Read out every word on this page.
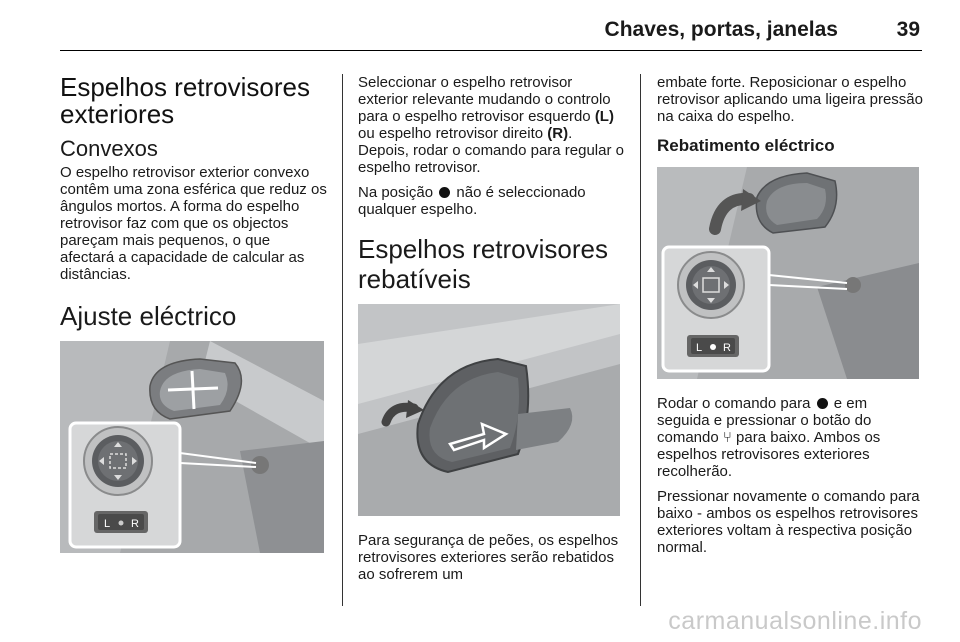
Chaves, portas, janelas	39
Espelhos retrovisores exteriores
Convexos

O espelho retrovisor exterior convexo contêm uma zona esférica que reduz os ângulos mortos. A forma do espelho retrovisor faz com que os objectos pareçam mais pequenos, o que afectará a capacidade de calcular as distâncias.

Ajuste eléctrico
L R

Seleccionar o espelho retrovisor exterior relevante mudando o controlo para o espelho retrovisor esquerdo (L) ou espelho retrovisor direito (R). Depois, rodar o comando para regular o espelho retrovisor.

Na posição  não é seleccionado qualquer espelho.

Espelhos retrovisores rebatíveis

Para segurança de peões, os espelhos retrovisores exteriores serão rebatidos ao sofrerem um

embate forte. Reposicionar o espelho retrovisor aplicando uma ligeira pressão na caixa do espelho.

Rebatimento eléctrico
L R

Rodar o comando para  e em seguida e pressionar o botão do comando ⑂ para baixo. Ambos os espelhos retrovisores exteriores recolherão.

Pressionar novamente o comando para baixo - ambos os espelhos retrovisores exteriores voltam à respectiva posição normal.

carmanualsonline.info
